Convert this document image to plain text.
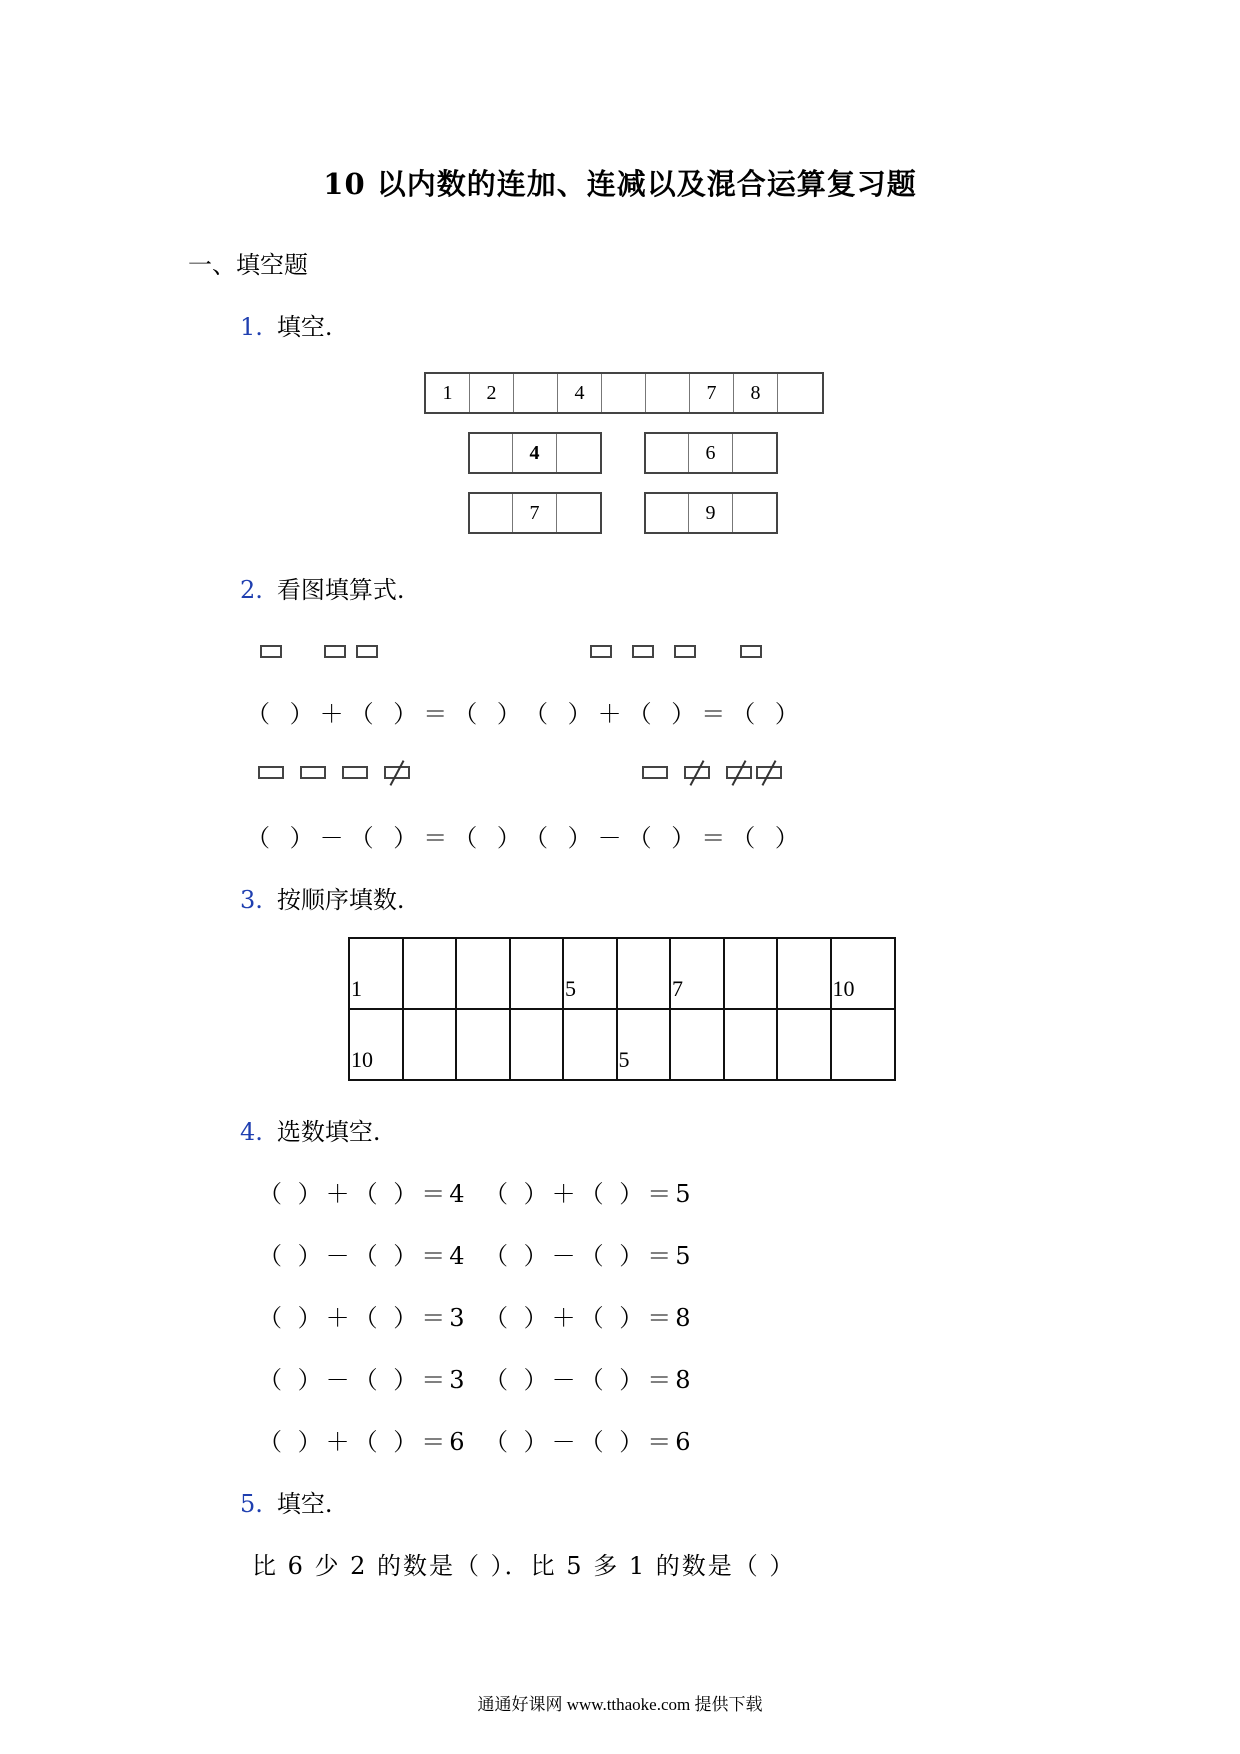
10 以内数的连加、连减以及混合运算复习题
一、填空题
1. 填空.
1	2	4	7	8
4	6
7	9
2. 看图填算式.
（ ）＋（ ）＝（ ）
（ ）＋（ ）＝（ ）
（ ）－（ ）＝（ ）
（ ）－（ ）＝（ ）
3. 按顺序填数.
1				5		7			10
10					5				
4. 选数填空.
（ ）＋（ ）＝4 （ ）＋（ ）＝5
（ ）－（ ）＝4 （ ）－（ ）＝5
（ ）＋（ ）＝3 （ ）＋（ ）＝8
（ ）－（ ）＝3 （ ）－（ ）＝8
（ ）＋（ ）＝6 （ ）－（ ）＝6
5. 填空.
比 6 少 2 的数是（ ）．比 5 多 1 的数是（ ）
通通好课网 www.tthaoke.com 提供下载
